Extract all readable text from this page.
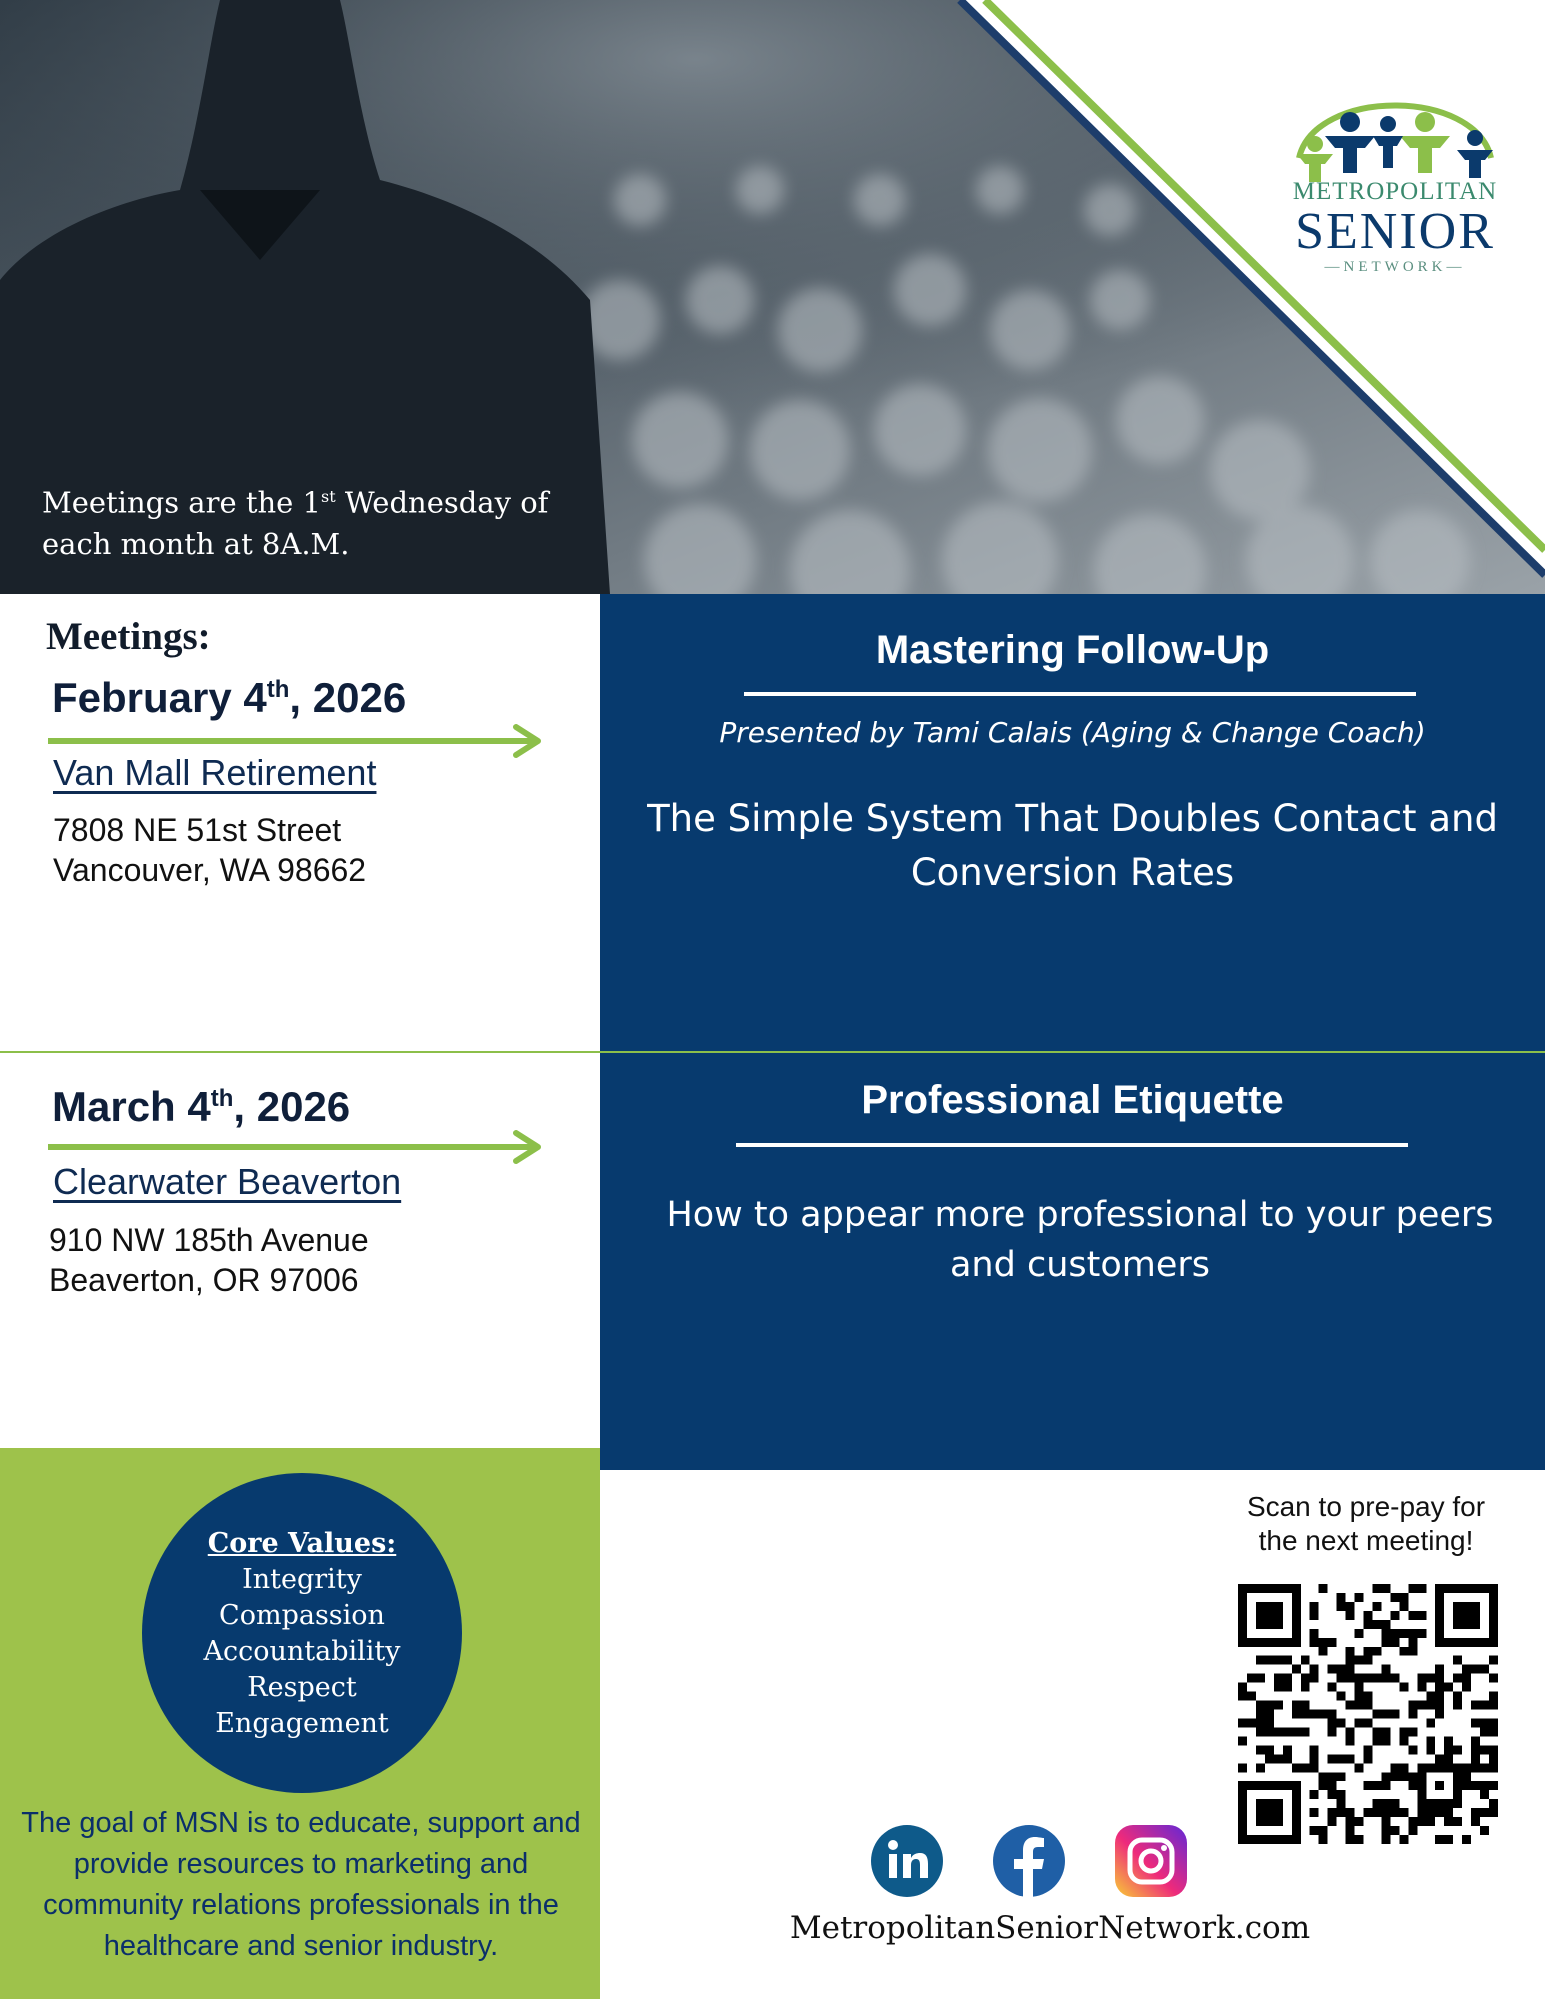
Meetings are the 1st Wednesday of
each month at 8A.M.
METROPOLITAN
SENIOR
—NETWORK—
Meetings:
February 4th, 2026
Van Mall Retirement
7808 NE 51st Street
Vancouver, WA 98662
Mastering Follow-Up
Presented by Tami Calais (Aging & Change Coach)
The Simple System That Doubles Contact and Conversion Rates
March 4th, 2026
Clearwater Beaverton
910 NW 185th Avenue
Beaverton, OR 97006
Professional Etiquette
How to appear more professional to your peers and customers
Core Values:
Integrity
Compassion
Accountability
Respect
Engagement
The goal of MSN is to educate, support and provide resources to marketing and community relations professionals in the healthcare and senior industry.
Scan to pre-pay for the next meeting!
MetropolitanSeniorNetwork.com
